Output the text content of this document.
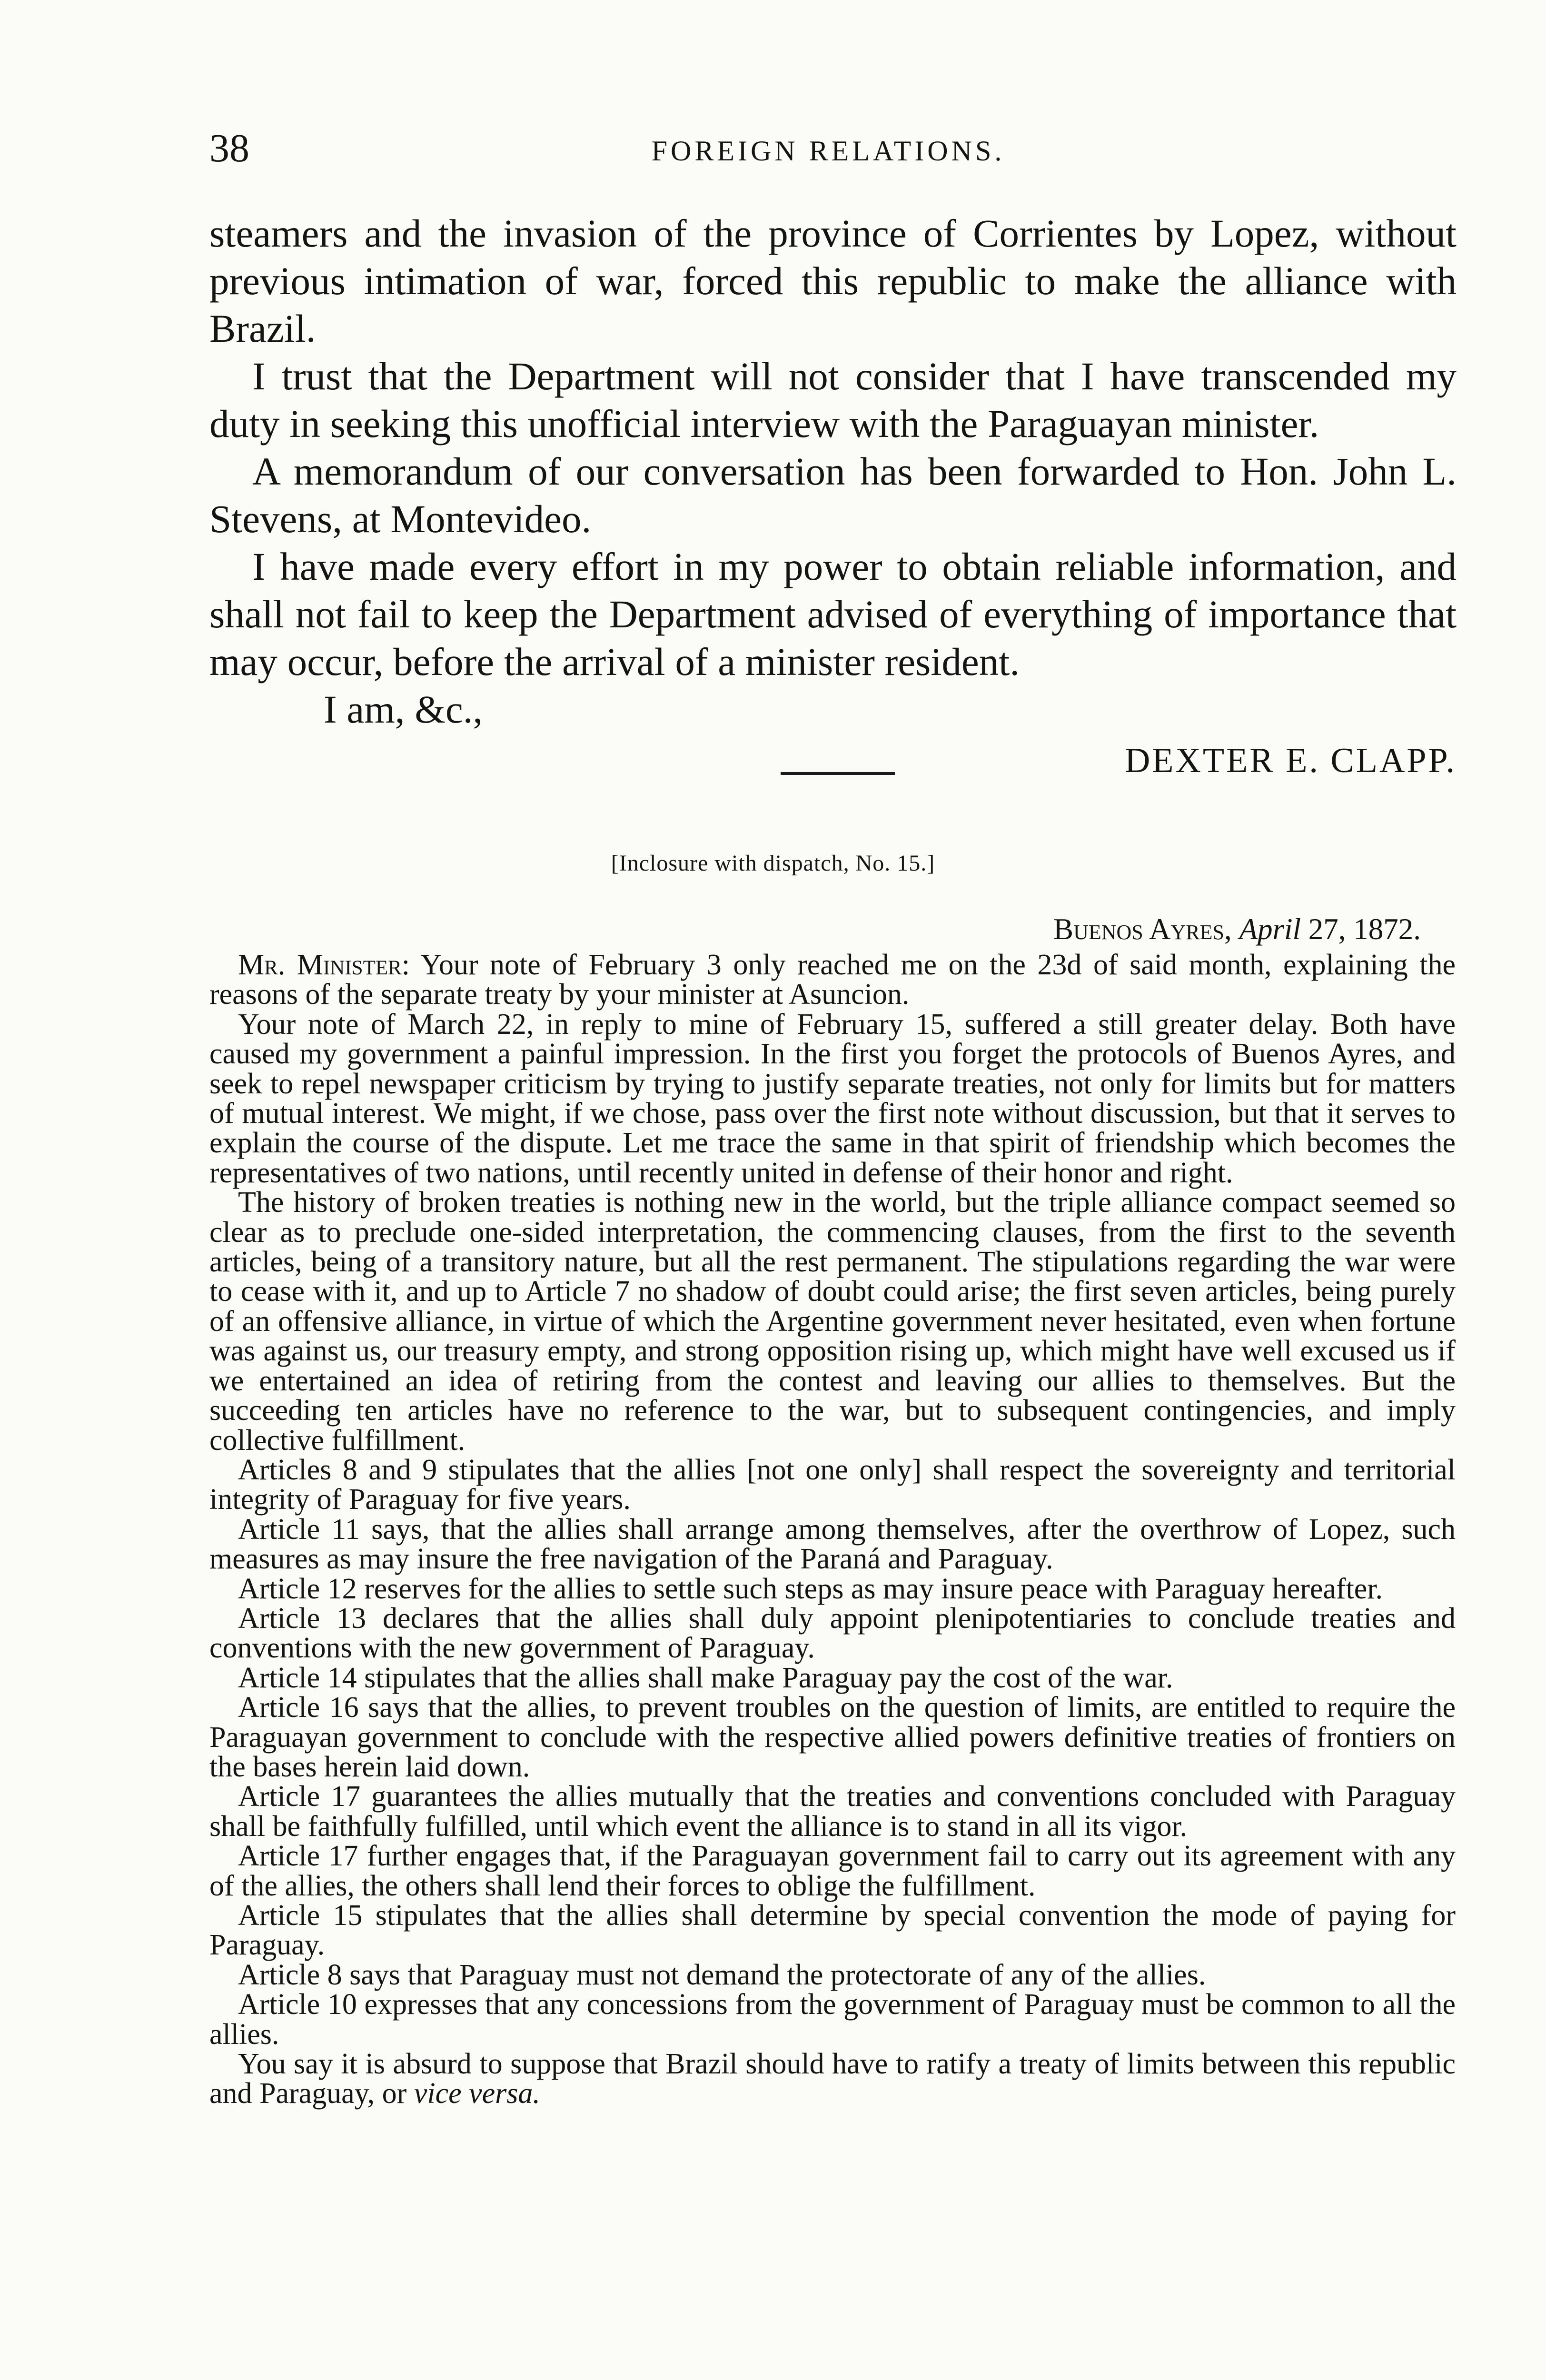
38	FOREIGN RELATIONS.

steamers and the invasion of the province of Corrientes by Lopez, without previous intimation of war, forced this republic to make the alliance with Brazil.

I trust that the Department will not consider that I have transcended my duty in seeking this unofficial interview with the Paraguayan minister.

A memorandum of our conversation has been forwarded to Hon. John L. Stevens, at Montevideo.

I have made every effort in my power to obtain reliable information, and shall not fail to keep the Department advised of everything of importance that may occur, before the arrival of a minister resident.

I am, &c.,

DEXTER E. CLAPP.

[Inclosure with dispatch, No. 15.]
Buenos Ayres, April 27, 1872.

Mr. Minister: Your note of February 3 only reached me on the 23d of said month, explaining the reasons of the separate treaty by your minister at Asuncion.

Your note of March 22, in reply to mine of February 15, suffered a still greater delay. Both have caused my government a painful impression. In the first you forget the protocols of Buenos Ayres, and seek to repel newspaper criticism by trying to justify separate treaties, not only for limits but for matters of mutual interest. We might, if we chose, pass over the first note without discussion, but that it serves to explain the course of the dispute. Let me trace the same in that spirit of friendship which becomes the representatives of two nations, until recently united in defense of their honor and right.

The history of broken treaties is nothing new in the world, but the triple alliance compact seemed so clear as to preclude one-sided interpretation, the commencing clauses, from the first to the seventh articles, being of a transitory nature, but all the rest permanent. The stipulations regarding the war were to cease with it, and up to Article 7 no shadow of doubt could arise; the first seven articles, being purely of an offensive alliance, in virtue of which the Argentine government never hesitated, even when fortune was against us, our treasury empty, and strong opposition rising up, which might have well excused us if we entertained an idea of retiring from the contest and leaving our allies to themselves. But the succeeding ten articles have no reference to the war, but to subsequent contingencies, and imply collective fulfillment.

Articles 8 and 9 stipulates that the allies [not one only] shall respect the sovereignty and territorial integrity of Paraguay for five years.

Article 11 says, that the allies shall arrange among themselves, after the overthrow of Lopez, such measures as may insure the free navigation of the Paraná and Paraguay.

Article 12 reserves for the allies to settle such steps as may insure peace with Paraguay hereafter.

Article 13 declares that the allies shall duly appoint plenipotentiaries to conclude treaties and conventions with the new government of Paraguay.

Article 14 stipulates that the allies shall make Paraguay pay the cost of the war.

Article 16 says that the allies, to prevent troubles on the question of limits, are entitled to require the Paraguayan government to conclude with the respective allied powers definitive treaties of frontiers on the bases herein laid down.

Article 17 guarantees the allies mutually that the treaties and conventions concluded with Paraguay shall be faithfully fulfilled, until which event the alliance is to stand in all its vigor.

Article 17 further engages that, if the Paraguayan government fail to carry out its agreement with any of the allies, the others shall lend their forces to oblige the fulfillment.

Article 15 stipulates that the allies shall determine by special convention the mode of paying for Paraguay.

Article 8 says that Paraguay must not demand the protectorate of any of the allies.

Article 10 expresses that any concessions from the government of Paraguay must be common to all the allies.

You say it is absurd to suppose that Brazil should have to ratify a treaty of limits between this republic and Paraguay, or vice versa.
